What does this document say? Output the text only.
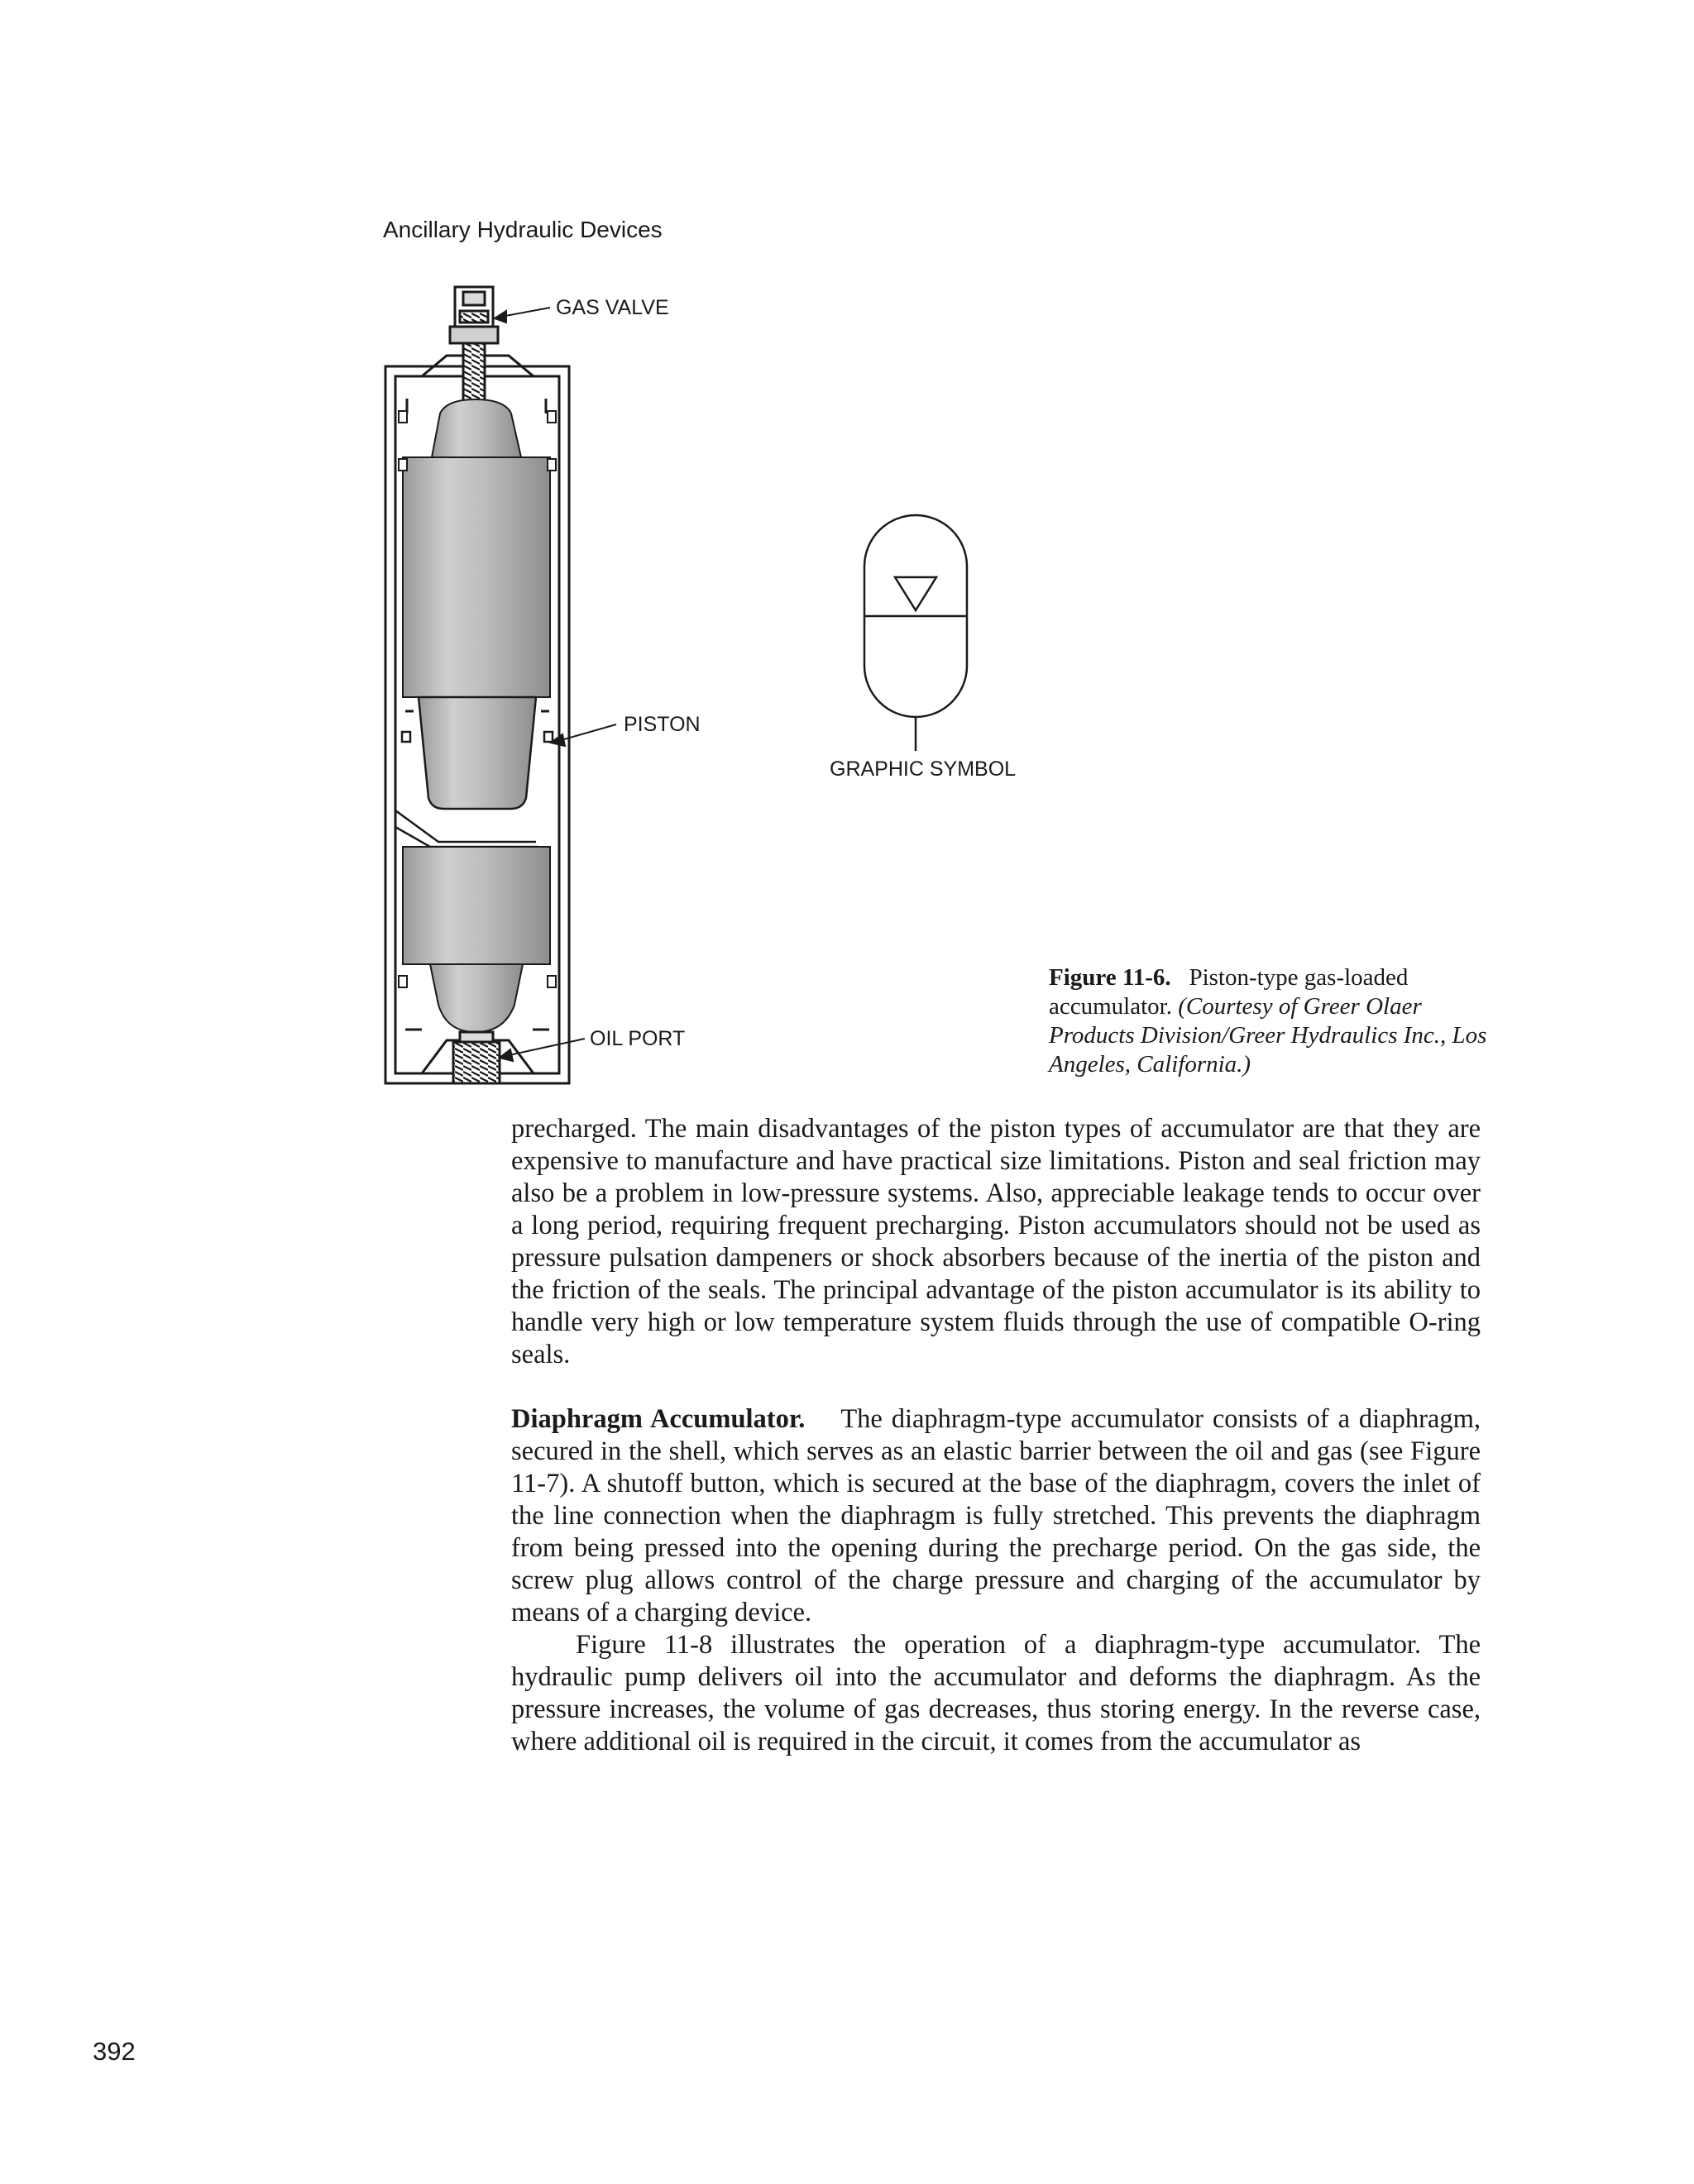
Ancillary Hydraulic Devices
GAS VALVE
PISTON
OIL PORT
GRAPHIC SYMBOL
Figure 11-6. Piston-type gas-loaded accumulator. (Courtesy of Greer Olaer Products Division/Greer Hydraulics Inc., Los Angeles, California.)

precharged. The main disadvantages of the piston types of accumulator are that they are expensive to manufacture and have practical size limitations. Piston and seal friction may also be a problem in low-pressure systems. Also, appreciable leakage tends to occur over a long period, requiring frequent precharging. Piston accumulators should not be used as pressure pulsation dampeners or shock absorbers because of the inertia of the piston and the friction of the seals. The principal advantage of the piston accumulator is its ability to handle very high or low temperature system fluids through the use of compatible O-ring seals.

Diaphragm Accumulator. The diaphragm-type accumulator consists of a diaphragm, secured in the shell, which serves as an elastic barrier between the oil and gas (see Figure 11-7). A shutoff button, which is secured at the base of the diaphragm, covers the inlet of the line connection when the diaphragm is fully stretched. This prevents the diaphragm from being pressed into the opening during the precharge period. On the gas side, the screw plug allows control of the charge pressure and charging of the accumulator by means of a charging device.

Figure 11-8 illustrates the operation of a diaphragm-type accumulator. The hydraulic pump delivers oil into the accumulator and deforms the diaphragm. As the pressure increases, the volume of gas decreases, thus storing energy. In the reverse case, where additional oil is required in the circuit, it comes from the accumulator as

392
